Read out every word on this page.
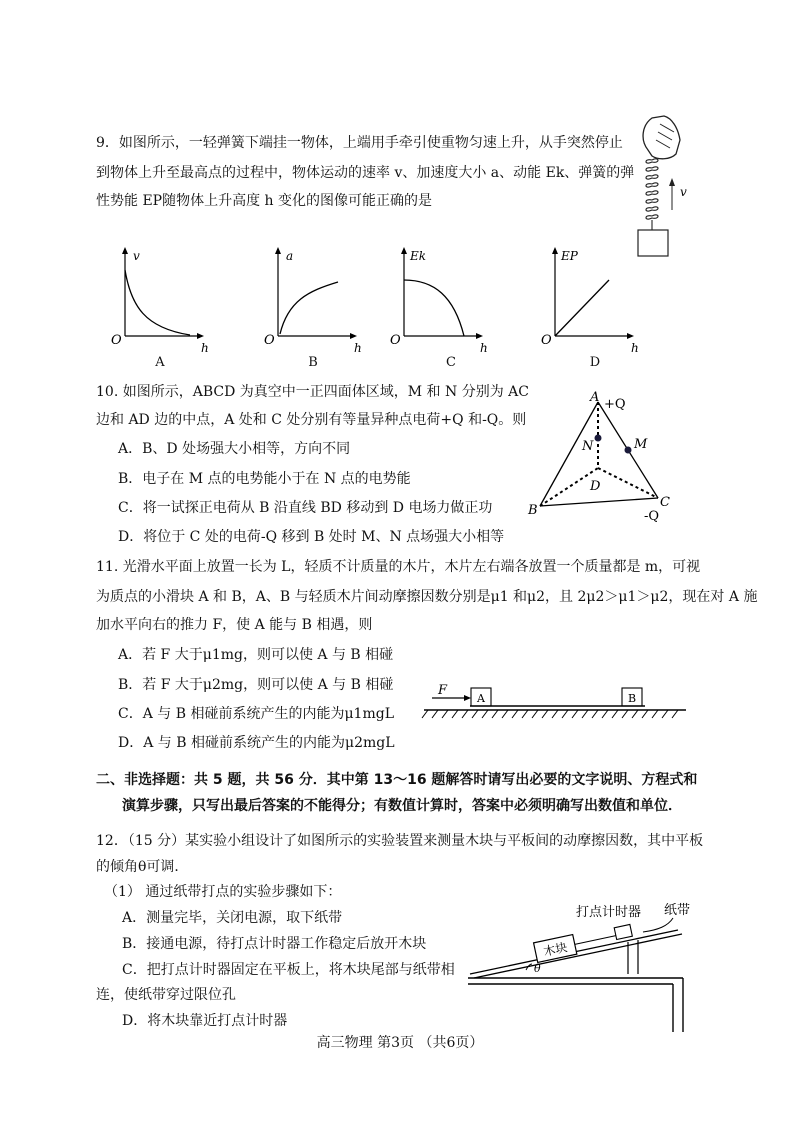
9．如图所示，一轻弹簧下端挂一物体，上端用手牵引使重物匀速上升，从手突然停止
到物体上升至最高点的过程中，物体运动的速率 v、加速度大小 a、动能 Ek、弹簧的弹
性势能 EP随物体上升高度 h 变化的图像可能正确的是
v
v
h
O
A
a
h
O
B
Ek
h
O
C
EP
h
O
D
10. 如图所示，ABCD 为真空中一正四面体区域，M 和 N 分别为 AC
边和 AD 边的中点，A 处和 C 处分别有等量异种点电荷+Q 和-Q。则
A．B、D 处场强大小相等，方向不同
B．电子在 M 点的电势能小于在 N 点的电势能
C．将一试探正电荷从 B 沿直线 BD 移动到 D 电场力做正功
D．将位于 C 处的电荷-Q 移到 B 处时 M、N 点场强大小相等
A +Q
N	M
D
B
C
-Q
11. 光滑水平面上放置一长为 L，轻质不计质量的木片，木片左右端各放置一个质量都是 m，可视
为质点的小滑块 A 和 B，A、B 与轻质木片间动摩擦因数分别是μ1 和μ2，且 2μ2＞μ1＞μ2，现在对 A 施
加水平向右的推力 F，使 A 能与 B 相遇，则
A．若 F 大于μ1mg，则可以使 A 与 B 相碰
B．若 F 大于μ2mg，则可以使 A 与 B 相碰
C．A 与 B 相碰前系统产生的内能为μ1mgL
D．A 与 B 相碰前系统产生的内能为μ2mgL
F
A	B
二、非选择题：共 5 题，共 56 分．其中第 13～16 题解答时请写出必要的文字说明、方程式和
演算步骤，只写出最后答案的不能得分；有数值计算时，答案中必须明确写出数值和单位．
12．（15 分）某实验小组设计了如图所示的实验装置来测量木块与平板间的动摩擦因数，其中平板
的倾角θ可调．
（1） 通过纸带打点的实验步骤如下：
A．测量完毕，关闭电源，取下纸带
B．接通电源，待打点计时器工作稳定后放开木块
C．把打点计时器固定在平板上，将木块尾部与纸带相
连，使纸带穿过限位孔
D．将木块靠近打点计时器
打点计时器 纸带
木块
θ
高三物理 第3页 （共6页）
